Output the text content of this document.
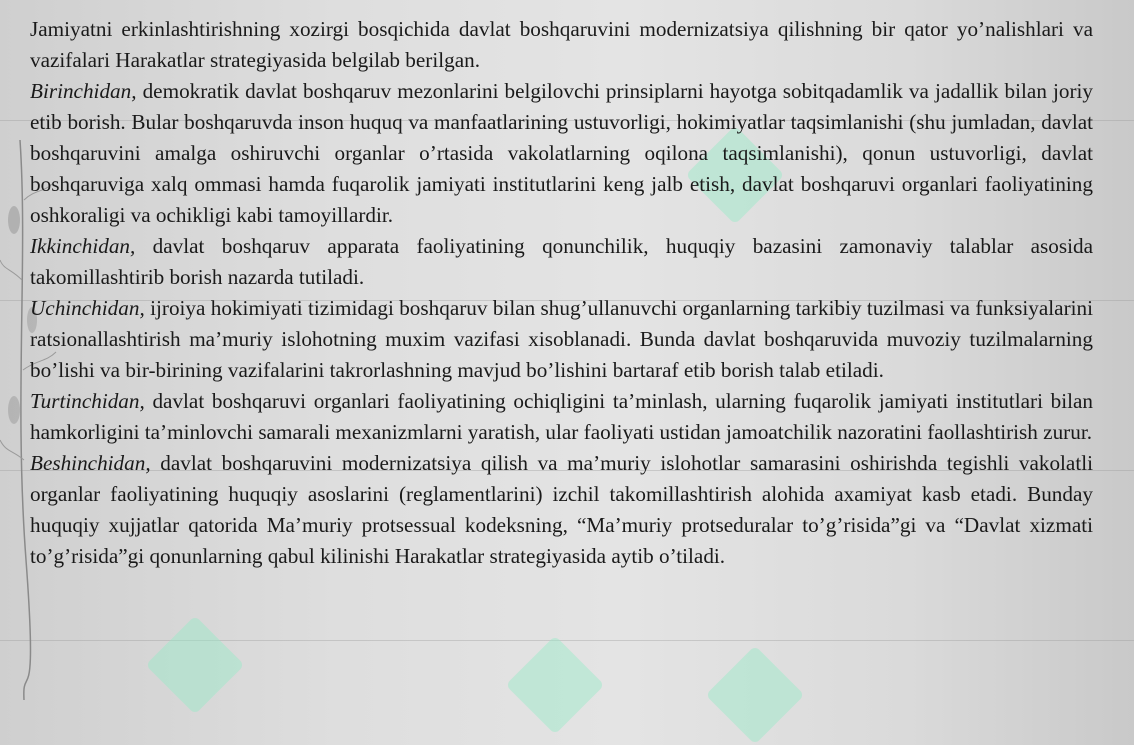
Jamiyatni erkinlashtirishning xozirgi bosqichida davlat boshqaruvini modernizatsiya qilishning bir qator yo’nalishlari va vazifalari Harakatlar strategiyasida belgilab berilgan.

Birinchidan, demokratik davlat boshqaruv mezonlarini belgilovchi prinsiplarni hayotga sobitqadamlik va jadallik bilan joriy etib borish. Bular boshqaruvda inson huquq va manfaatlarining ustuvorligi, hokimiyatlar taqsimlanishi (shu jumladan, davlat boshqaruvini amalga oshiruvchi organlar o’rtasida vakolatlarning oqilona taqsimlanishi), qonun ustuvorligi, davlat boshqaruviga xalq ommasi hamda fuqarolik jamiyati institutlarini keng jalb etish, davlat boshqaruvi organlari faoliyatining oshkoraligi va ochikligi kabi tamoyillardir.

Ikkinchidan, davlat boshqaruv apparata faoliyatining qonunchilik, huquqiy bazasini zamonaviy talablar asosida takomillashtirib borish nazarda tutiladi.

Uchinchidan, ijroiya hokimiyati tizimidagi boshqaruv bilan shug’ullanuvchi organlarning tarkibiy tuzilmasi va funksiyalarini ratsionallashtirish ma’muriy islohotning muxim vazifasi xisoblanadi. Bunda davlat boshqaruvida muvoziy tuzilmalarning bo’lishi va bir-birining vazifalarini takrorlashning mavjud bo’lishini bartaraf etib borish talab etiladi.

Turtinchidan, davlat boshqaruvi organlari faoliyatining ochiqligini ta’minlash, ularning fuqarolik jamiyati institutlari bilan hamkorligini ta’minlovchi samarali mexanizmlarni yaratish, ular faoliyati ustidan jamoatchilik nazoratini faollashtirish zurur.

Beshinchidan, davlat boshqaruvini modernizatsiya qilish va ma’muriy islohotlar samarasini oshirishda tegishli vakolatli organlar faoliyatining huquqiy asoslarini (reglamentlarini) izchil takomillashtirish alohida axamiyat kasb etadi. Bunday huquqiy xujjatlar qatorida Ma’muriy protsessual kodeksning, “Ma’muriy protseduralar to’g’risida”gi va “Davlat xizmati to’g’risida”gi qonunlarning qabul kilinishi Harakatlar strategiyasida aytib o’tiladi.
